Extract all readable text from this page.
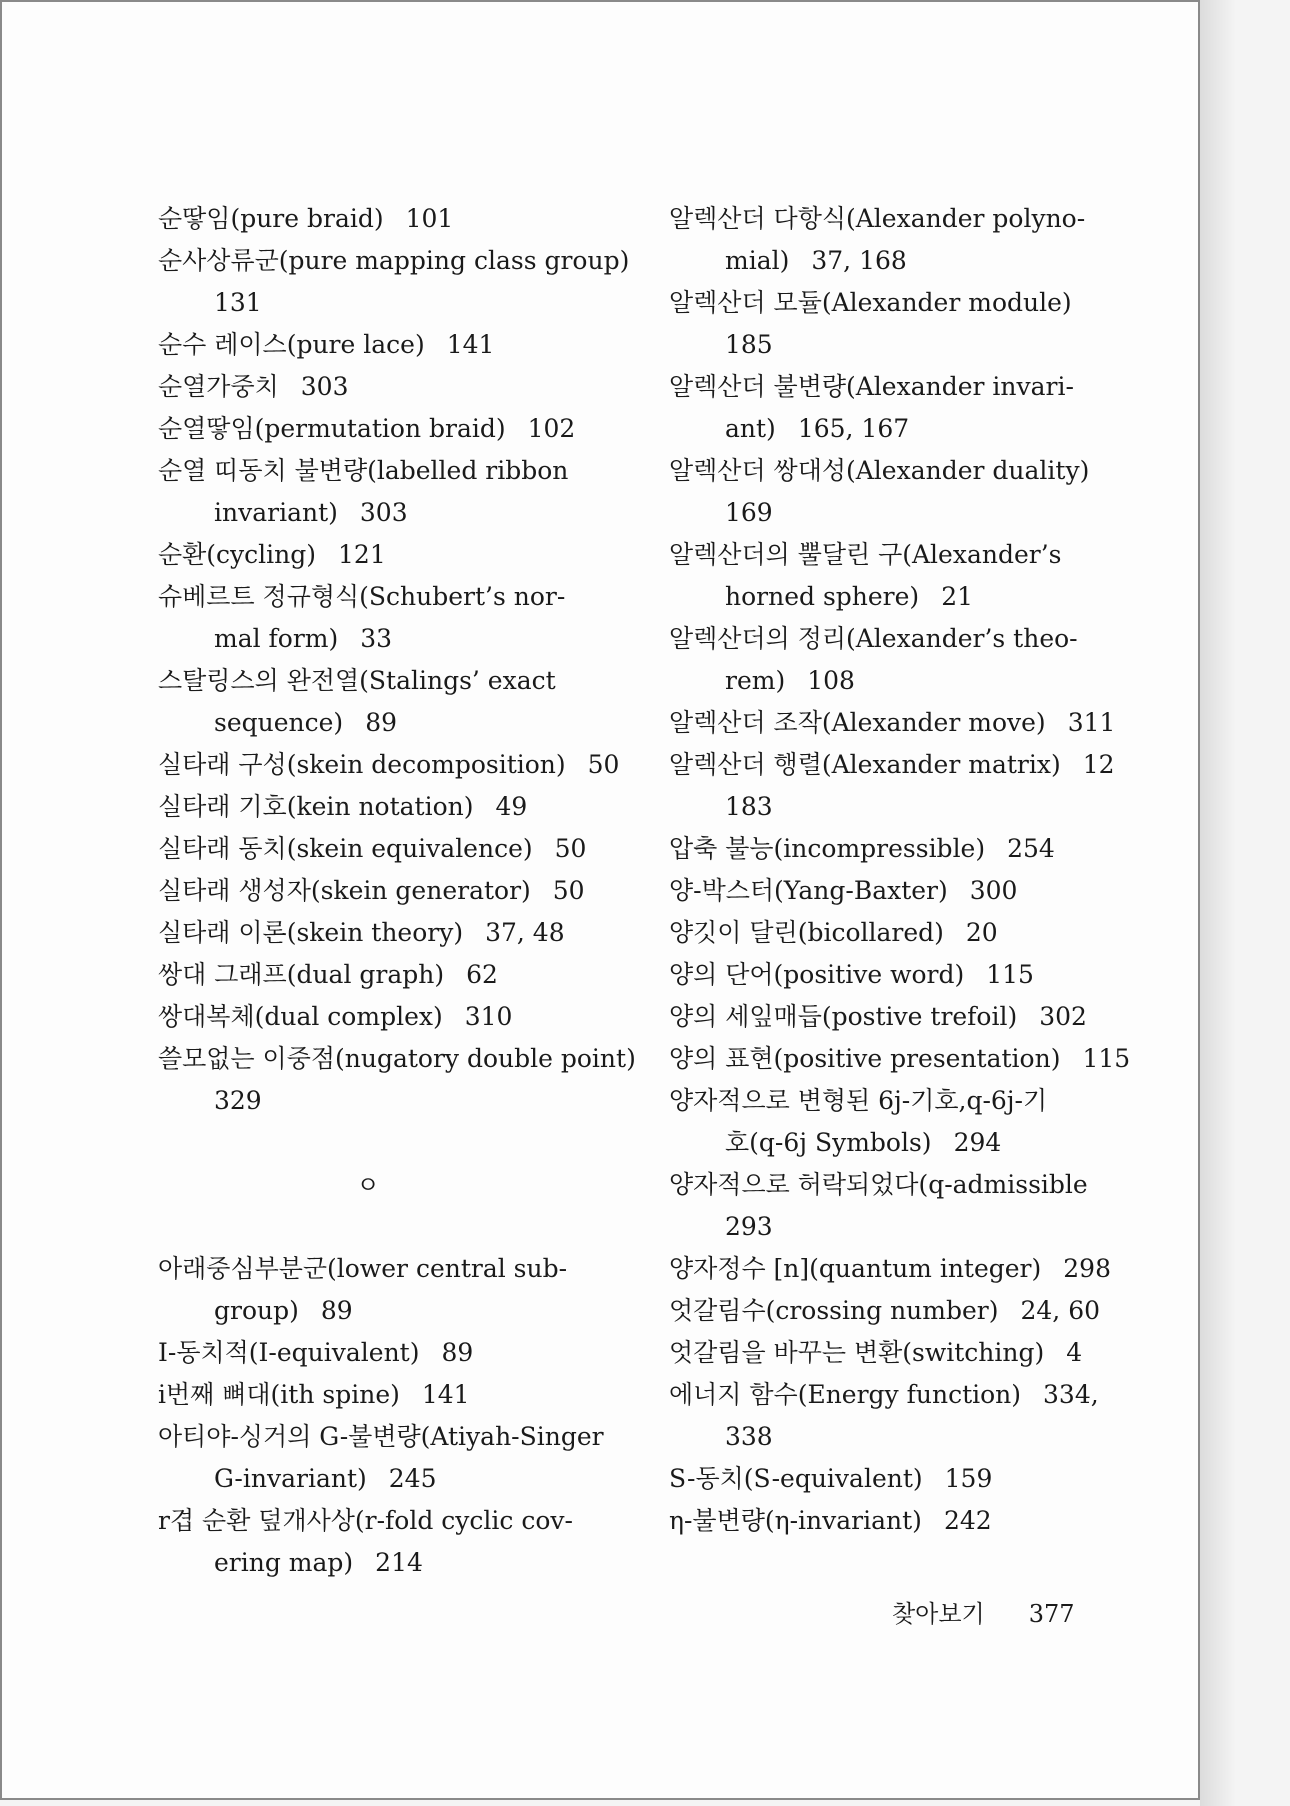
순땋임(pure braid) 101
순사상류군(pure mapping class group)
131
순수 레이스(pure lace) 141
순열가중치 303
순열땋임(permutation braid) 102
순열 띠동치 불변량(labelled ribbon
invariant) 303
순환(cycling) 121
슈베르트 정규형식(Schubert’s nor-
mal form) 33
스탈링스의 완전열(Stalings’ exact
sequence) 89
실타래 구성(skein decomposition) 50
실타래 기호(kein notation) 49
실타래 동치(skein equivalence) 50
실타래 생성자(skein generator) 50
실타래 이론(skein theory) 37, 48
쌍대 그래프(dual graph) 62
쌍대복체(dual complex) 310
쓸모없는 이중점(nugatory double point)
329
ㅇ
아래중심부분군(lower central sub-
group) 89
I-동치적(I-equivalent) 89
i번째 뼈대(ith spine) 141
아티야-싱거의 G-불변량(Atiyah-Singer
G-invariant) 245
r겹 순환 덮개사상(r-fold cyclic cov-
ering map) 214
알렉산더 다항식(Alexander polyno-
mial) 37, 168
알렉산더 모듈(Alexander module)
185
알렉산더 불변량(Alexander invari-
ant) 165, 167
알렉산더 쌍대성(Alexander duality)
169
알렉산더의 뿔달린 구(Alexander’s
horned sphere) 21
알렉산더의 정리(Alexander’s theo-
rem) 108
알렉산더 조작(Alexander move) 311
알렉산더 행렬(Alexander matrix) 12
183
압축 불능(incompressible) 254
양-박스터(Yang-Baxter) 300
양깃이 달린(bicollared) 20
양의 단어(positive word) 115
양의 세잎매듭(postive trefoil) 302
양의 표현(positive presentation) 115
양자적으로 변형된 6j-기호,q-6j-기
호(q-6j Symbols) 294
양자적으로 허락되었다(q-admissible
293
양자정수 [n](quantum integer) 298
엇갈림수(crossing number) 24, 60
엇갈림을 바꾸는 변환(switching) 4
에너지 함수(Energy function) 334,
338
S-동치(S-equivalent) 159
η-불변량(η-invariant) 242
찾아보기 377
